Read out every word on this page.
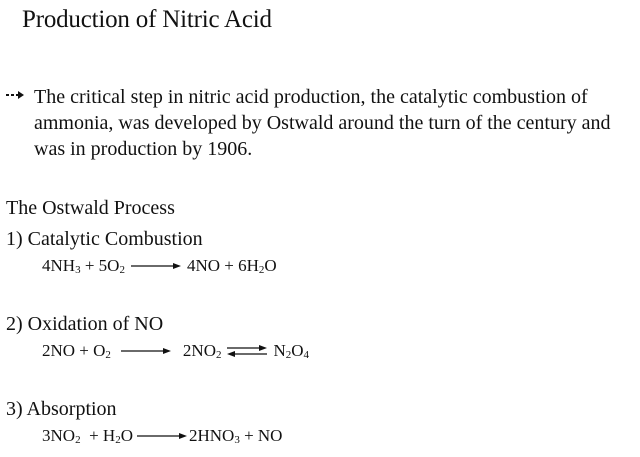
Production of Nitric Acid
The critical step in nitric acid production, the catalytic combustion of ammonia, was developed by Ostwald around the turn of the century and was in production by 1906.
The Ostwald Process
1) Catalytic Combustion
$4NH_3 + 5O_2 \to 4NO + 6H_2O$
2) Oxidation of NO
$2NO + O_2 \to 2NO_2$ ⇌ $N_2O_4$
3) Absorption
$3NO_2 + H_2O \to 2HNO_3$ + NO
